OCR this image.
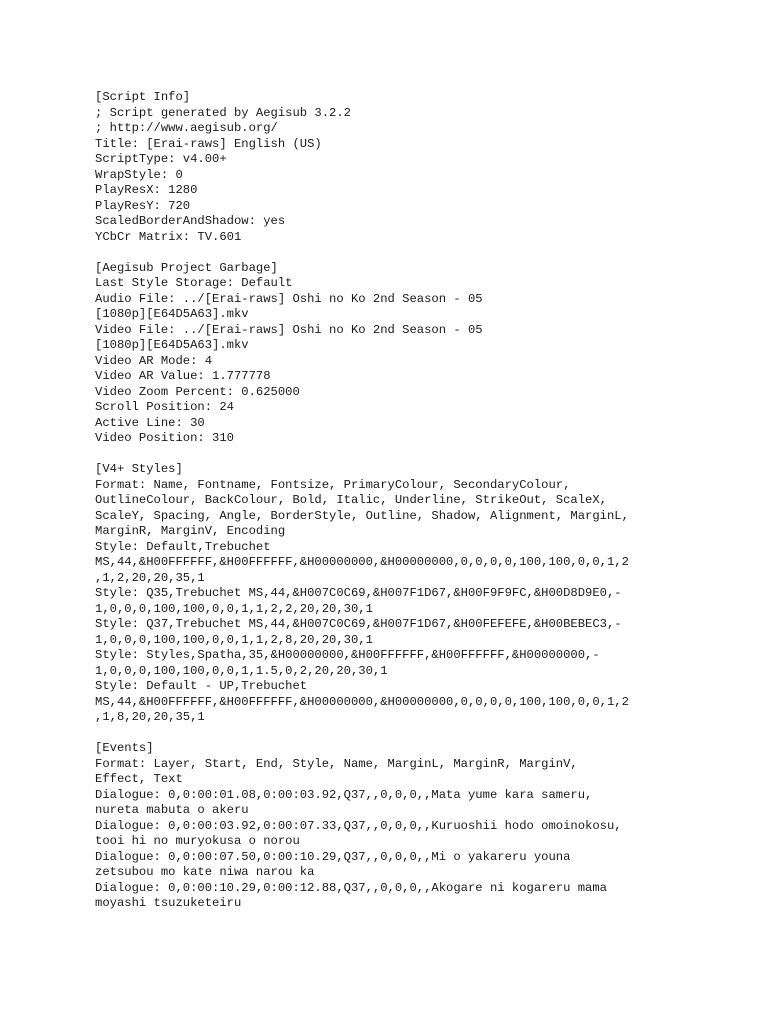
[Script Info]
; Script generated by Aegisub 3.2.2
; http://www.aegisub.org/
Title: [Erai-raws] English (US)
ScriptType: v4.00+
WrapStyle: 0
PlayResX: 1280
PlayResY: 720
ScaledBorderAndShadow: yes
YCbCr Matrix: TV.601
[Aegisub Project Garbage]
Last Style Storage: Default
Audio File: ../[Erai-raws] Oshi no Ko 2nd Season - 05
[1080p][E64D5A63].mkv
Video File: ../[Erai-raws] Oshi no Ko 2nd Season - 05
[1080p][E64D5A63].mkv
Video AR Mode: 4
Video AR Value: 1.777778
Video Zoom Percent: 0.625000
Scroll Position: 24
Active Line: 30
Video Position: 310
[V4+ Styles]
Format: Name, Fontname, Fontsize, PrimaryColour, SecondaryColour,
OutlineColour, BackColour, Bold, Italic, Underline, StrikeOut, ScaleX,
ScaleY, Spacing, Angle, BorderStyle, Outline, Shadow, Alignment, MarginL,
MarginR, MarginV, Encoding
Style: Default,Trebuchet
MS,44,&H00FFFFFF,&H00FFFFFF,&H00000000,&H00000000,0,0,0,0,100,100,0,0,1,2
,1,2,20,20,35,1
Style: Q35,Trebuchet MS,44,&H007C0C69,&H007F1D67,&H00F9F9FC,&H00D8D9E0,-
1,0,0,0,100,100,0,0,1,1,2,2,20,20,30,1
Style: Q37,Trebuchet MS,44,&H007C0C69,&H007F1D67,&H00FEFEFE,&H00BEBEC3,-
1,0,0,0,100,100,0,0,1,1,2,8,20,20,30,1
Style: Styles,Spatha,35,&H00000000,&H00FFFFFF,&H00FFFFFF,&H00000000,-
1,0,0,0,100,100,0,0,1,1.5,0,2,20,20,30,1
Style: Default - UP,Trebuchet
MS,44,&H00FFFFFF,&H00FFFFFF,&H00000000,&H00000000,0,0,0,0,100,100,0,0,1,2
,1,8,20,20,35,1
[Events]
Format: Layer, Start, End, Style, Name, MarginL, MarginR, MarginV,
Effect, Text
Dialogue: 0,0:00:01.08,0:00:03.92,Q37,,0,0,0,,Mata yume kara sameru,
nureta mabuta o akeru
Dialogue: 0,0:00:03.92,0:00:07.33,Q37,,0,0,0,,Kuruoshii hodo omoinokosu,
tooi hi no muryokusa o norou
Dialogue: 0,0:00:07.50,0:00:10.29,Q37,,0,0,0,,Mi o yakareru youna
zetsubou mo kate niwa narou ka
Dialogue: 0,0:00:10.29,0:00:12.88,Q37,,0,0,0,,Akogare ni kogareru mama
moyashi tsuzuketeiru
